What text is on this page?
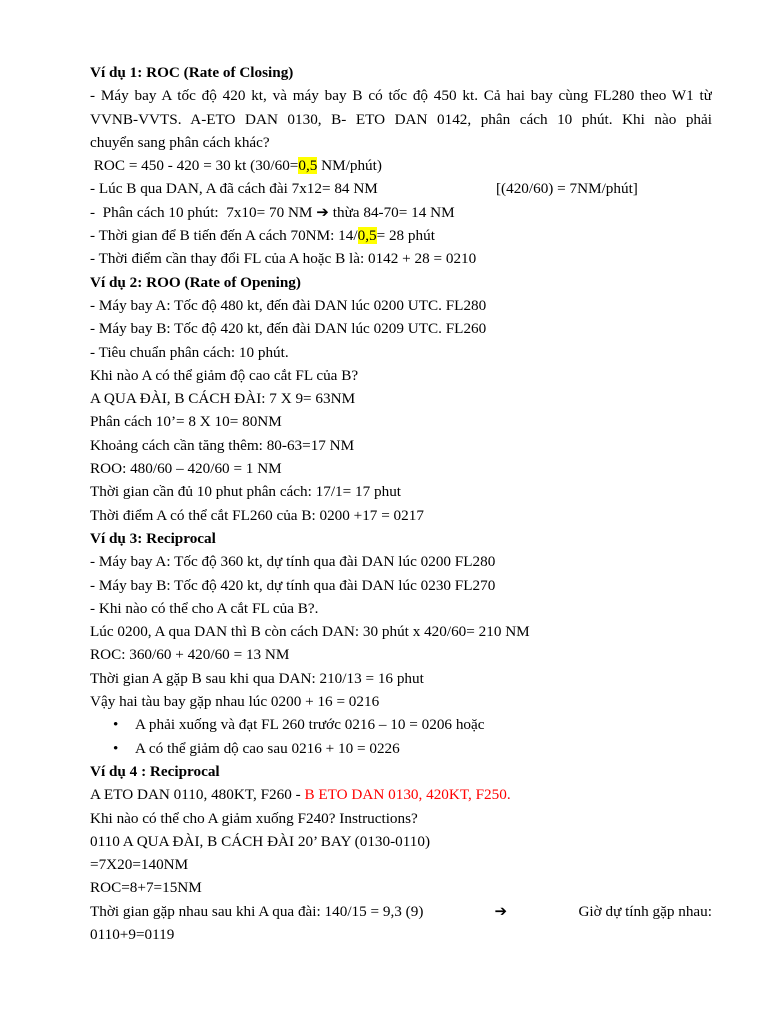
Ví dụ 1: ROC (Rate of Closing)
- Máy bay A tốc độ 420 kt, và máy bay B có tốc độ 450 kt. Cả hai bay cùng FL280 theo W1 từ
VVNB-VVTS. A-ETO DAN 0130, B- ETO DAN 0142, phân cách 10 phút. Khi nào phải
chuyển sang phân cách khác?
ROC = 450 - 420 = 30 kt (30/60=0,5 NM/phút)
- Lúc B qua DAN, A đã cách đài 7x12= 84 NM	[(420/60) = 7NM/phút]
-  Phân cách 10 phút:  7x10= 70 NM ➔ thừa 84-70= 14 NM
- Thời gian để B tiến đến A cách 70NM: 14/0,5= 28 phút
- Thời điểm cần thay đổi FL của A hoặc B là: 0142 + 28 = 0210
Ví dụ 2: ROO (Rate of Opening)
- Máy bay A: Tốc độ 480 kt, đến đài DAN lúc 0200 UTC. FL280
- Máy bay B: Tốc độ 420 kt, đến đài DAN lúc 0209 UTC. FL260
- Tiêu chuẩn phân cách: 10 phút.
Khi nào A có thể giảm độ cao cắt FL của B?
A QUA ĐÀI, B CÁCH ĐÀI: 7 X 9= 63NM
Phân cách 10’= 8 X 10= 80NM
Khoảng cách cần tăng thêm: 80-63=17 NM
ROO: 480/60 – 420/60 = 1 NM
Thời gian cần đủ 10 phut phân cách: 17/1= 17 phut
Thời điểm A có thể cắt FL260 của B: 0200 +17 = 0217
Ví dụ 3: Reciprocal
- Máy bay A: Tốc độ 360 kt, dự tính qua đài DAN lúc 0200 FL280
- Máy bay B: Tốc độ 420 kt, dự tính qua đài DAN lúc 0230 FL270
- Khi nào có thể cho A cắt FL của B?.
Lúc 0200, A qua DAN thì B còn cách DAN: 30 phút x 420/60= 210 NM
ROC: 360/60 + 420/60 = 13 NM
Thời gian A gặp B sau khi qua DAN: 210/13 = 16 phut
Vậy hai tàu bay gặp nhau lúc 0200 + 16 = 0216
• A phải xuống và đạt FL 260 trước 0216 – 10 = 0206 hoặc
• A có thể giảm dộ cao sau 0216 + 10 = 0226
Ví dụ 4 : Reciprocal
A ETO DAN 0110, 480KT, F260 - B ETO DAN 0130, 420KT, F250.
Khi nào có thể cho A giảm xuống F240? Instructions?
0110 A QUA ĐÀI, B CÁCH ĐÀI 20’ BAY (0130-0110)
=7X20=140NM
ROC=8+7=15NM
Thời gian gặp nhau sau khi A qua đài: 140/15 = 9,3 (9)	➔	Giờ dự tính gặp nhau:
0110+9=0119
